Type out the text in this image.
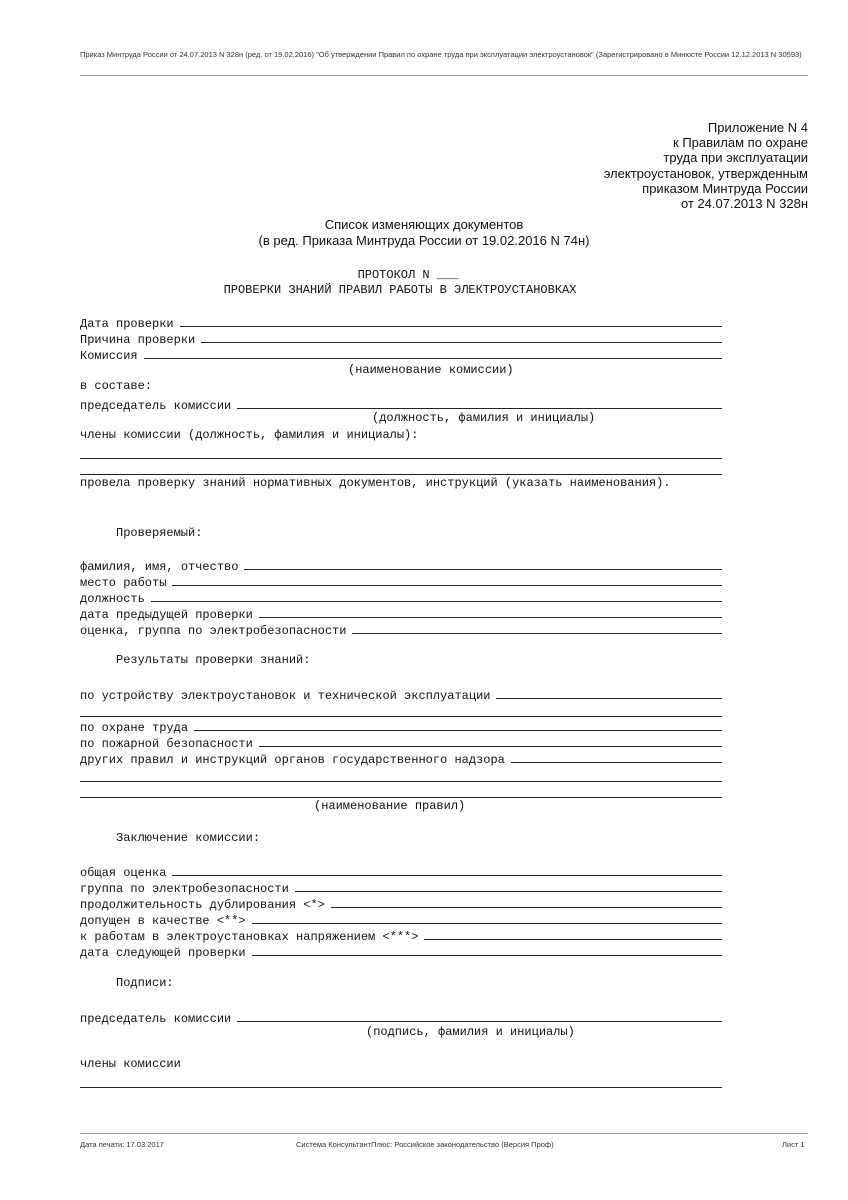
Приказ Минтруда России от 24.07.2013 N 328н (ред. от 19.02.2016) "Об утверждении Правил по охране труда при эксплуатации электроустановок" (Зарегистрировано в Минюсте России 12.12.2013 N 30593)
Приложение N 4
к Правилам по охране
труда при эксплуатации
электроустановок, утвержденным
приказом Минтруда России
от 24.07.2013 N 328н
Список изменяющих документов
(в ред. Приказа Минтруда России от 19.02.2016 N 74н)
ПРОТОКОЛ N ___
ПРОВЕРКИ ЗНАНИЙ ПРАВИЛ РАБОТЫ В ЭЛЕКТРОУСТАНОВКАХ
Дата проверки
Причина проверки
Комиссия
(наименование комиссии)
в составе:
председатель комиссии
(должность, фамилия и инициалы)
члены комиссии (должность, фамилия и инициалы):
провела проверку знаний нормативных документов, инструкций (указать наименования).
Проверяемый:
фамилия, имя, отчество
место работы
должность
дата предыдущей проверки
оценка, группа по электробезопасности
Результаты проверки знаний:
по устройству электроустановок и технической эксплуатации
по охране труда
по пожарной безопасности
других правил и инструкций органов государственного надзора
(наименование правил)
Заключение комиссии:
общая оценка
группа по электробезопасности
продолжительность дублирования <*>
допущен в качестве <**>
к работам в электроустановках напряжением <***>
дата следующей проверки
Подписи:
председатель комиссии
(подпись, фамилия и инициалы)
члены комиссии
Дата печати: 17.03.2017	Система КонсультантПлюс: Российское законодательство (Версия Проф)	Лист 1
